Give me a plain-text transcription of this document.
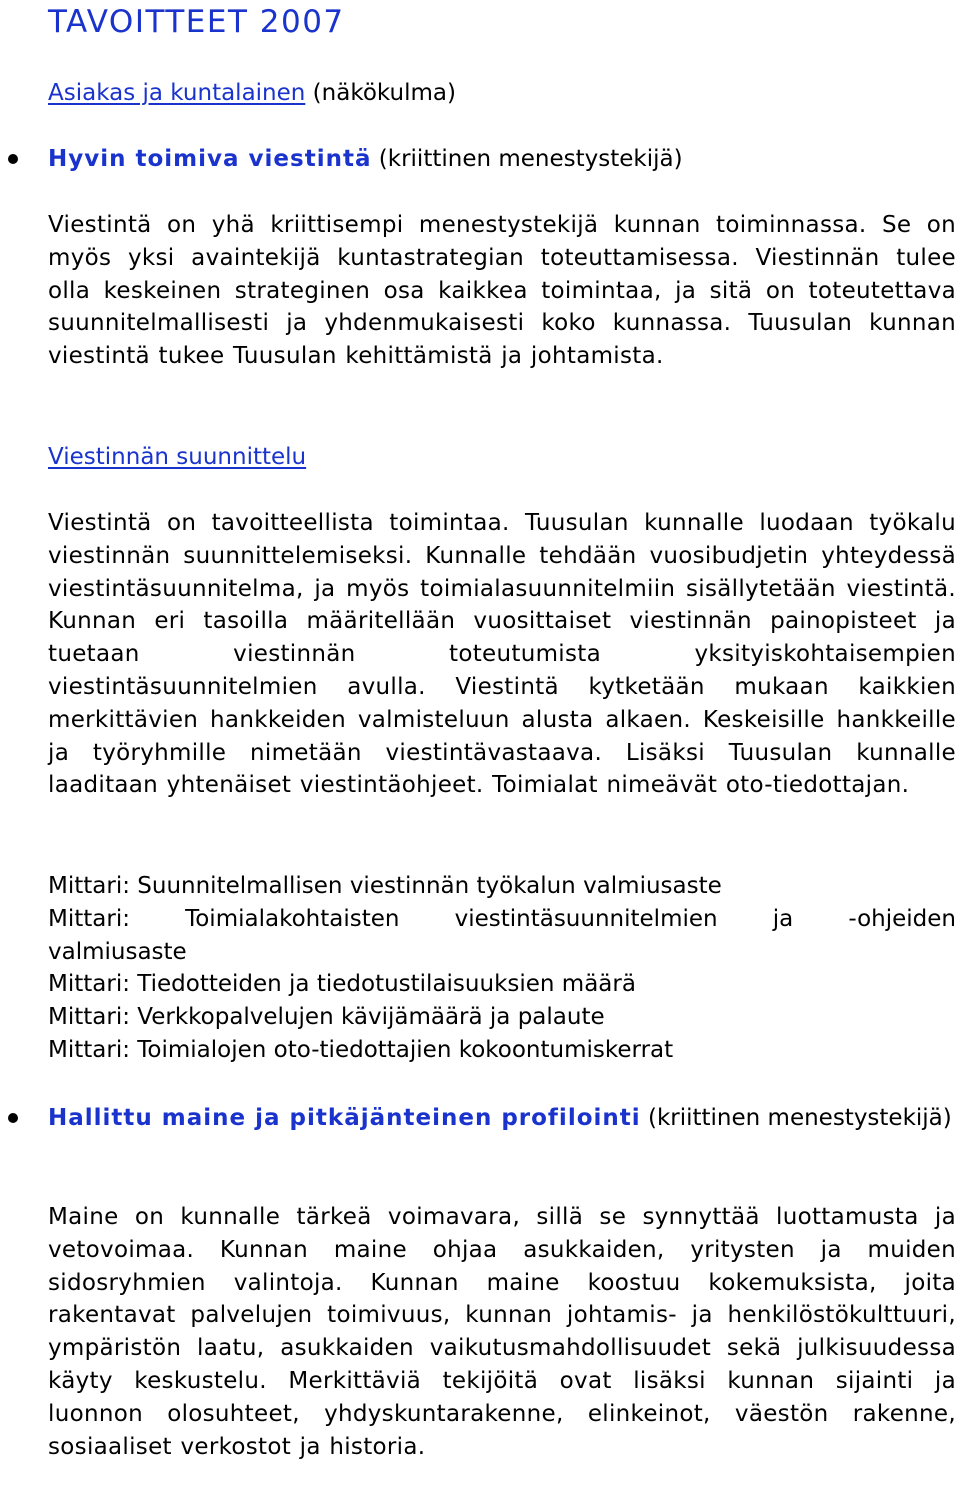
TAVOITTEET 2007

Asiakas ja kuntalainen (näkökulma)

Hyvin toimiva viestintä (kriittinen menestystekijä)

Viestintä on yhä kriittisempi menestystekijä kunnan toiminnassa. Se on myös yksi avaintekijä kuntastrategian toteuttamisessa. Viestinnän tulee olla keskeinen strateginen osa kaikkea toimintaa, ja sitä on toteutettava suunnitelmallisesti ja yhdenmukaisesti koko kunnassa. Tuusulan kunnan viestintä tukee Tuusulan kehittämistä ja johtamista.

Viestinnän suunnittelu

Viestintä on tavoitteellista toimintaa. Tuusulan kunnalle luodaan työkalu viestinnän suunnittelemiseksi. Kunnalle tehdään vuosibudjetin yhteydessä viestintäsuunnitelma, ja myös toimialasuunnitelmiin sisällytetään viestintä. Kunnan eri tasoilla määritellään vuosittaiset viestinnän painopisteet ja tuetaan viestinnän toteutumista yksityiskohtaisempien viestintäsuunnitelmien avulla. Viestintä kytketään mukaan kaikkien merkittävien hankkeiden valmisteluun alusta alkaen. Keskeisille hankkeille ja työryhmille nimetään viestintävastaava. Lisäksi Tuusulan kunnalle laaditaan yhtenäiset viestintäohjeet. Toimialat nimeävät oto-tiedottajan.

Mittari: Suunnitelmallisen viestinnän työkalun valmiusaste
Mittari: Toimialakohtaisten viestintäsuunnitelmien ja -ohjeiden
valmiusaste
Mittari: Tiedotteiden ja tiedotustilaisuuksien määrä
Mittari: Verkkopalvelujen kävijämäärä ja palaute
Mittari: Toimialojen oto-tiedottajien kokoontumiskerrat

Hallittu maine ja pitkäjänteinen profilointi (kriittinen menestystekijä)

Maine on kunnalle tärkeä voimavara, sillä se synnyttää luottamusta ja vetovoimaa. Kunnan maine ohjaa asukkaiden, yritysten ja muiden sidosryhmien valintoja. Kunnan maine koostuu kokemuksista, joita rakentavat palvelujen toimivuus, kunnan johtamis- ja henkilöstökulttuuri, ympäristön laatu, asukkaiden vaikutusmahdollisuudet sekä julkisuudessa käyty keskustelu. Merkittäviä tekijöitä ovat lisäksi kunnan sijainti ja luonnon olosuhteet, yhdyskuntarakenne, elinkeinot, väestön rakenne, sosiaaliset verkostot ja historia.
